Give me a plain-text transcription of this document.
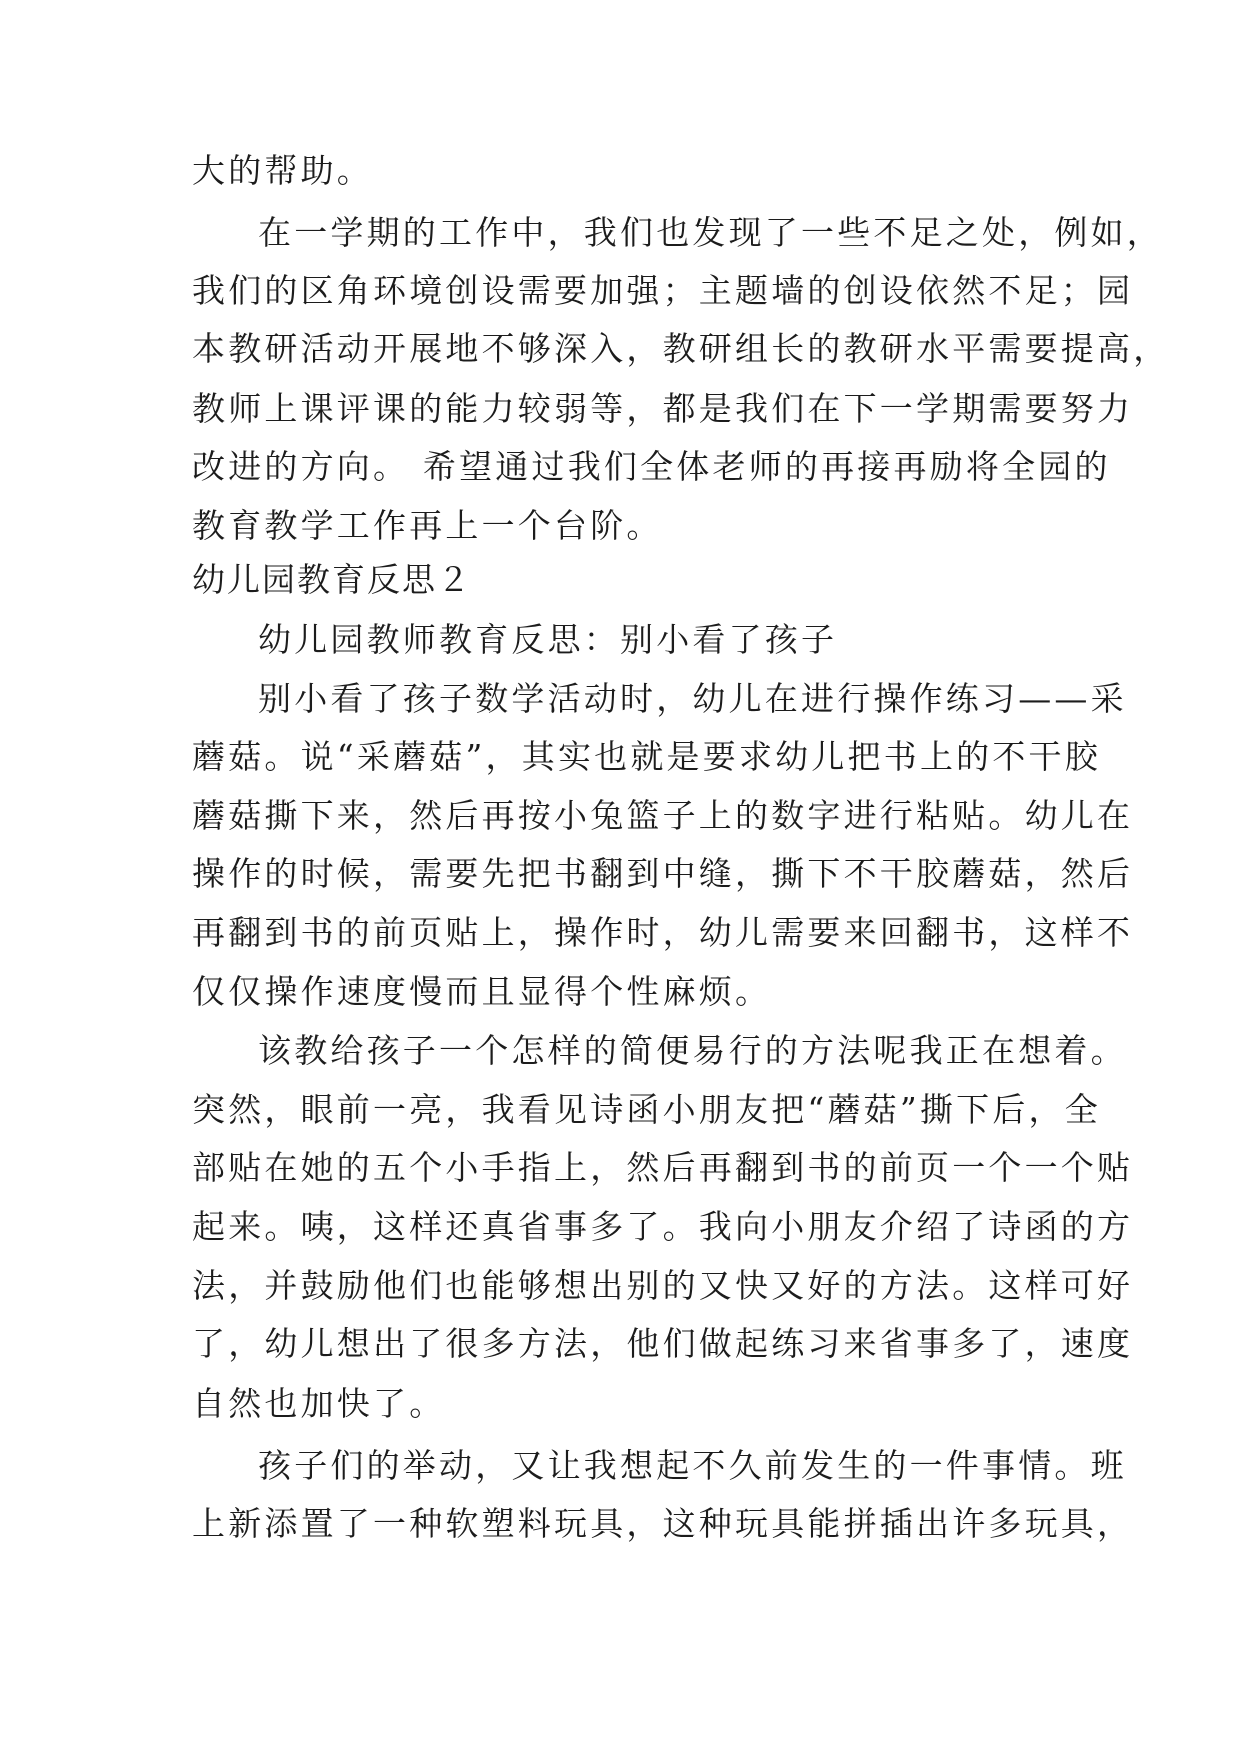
大的帮助。
在一学期的工作中，我们也发现了一些不足之处，例如，
我们的区角环境创设需要加强；主题墙的创设依然不足；园
本教研活动开展地不够深入，教研组长的教研水平需要提高，
教师上课评课的能力较弱等，都是我们在下一学期需要努力
改进的方向。 希望通过我们全体老师的再接再励将全园的
教育教学工作再上一个台阶。
幼儿园教育反思２
幼儿园教师教育反思：别小看了孩子
别小看了孩子数学活动时，幼儿在进行操作练习——采
蘑菇。说“采蘑菇”，其实也就是要求幼儿把书上的不干胶
蘑菇撕下来，然后再按小兔篮子上的数字进行粘贴。幼儿在
操作的时候，需要先把书翻到中缝，撕下不干胶蘑菇，然后
再翻到书的前页贴上，操作时，幼儿需要来回翻书，这样不
仅仅操作速度慢而且显得个性麻烦。
该教给孩子一个怎样的简便易行的方法呢我正在想着。
突然，眼前一亮，我看见诗函小朋友把“蘑菇”撕下后，全
部贴在她的五个小手指上，然后再翻到书的前页一个一个贴
起来。咦，这样还真省事多了。我向小朋友介绍了诗函的方
法，并鼓励他们也能够想出别的又快又好的方法。这样可好
了，幼儿想出了很多方法，他们做起练习来省事多了，速度
自然也加快了。
孩子们的举动，又让我想起不久前发生的一件事情。班
上新添置了一种软塑料玩具，这种玩具能拼插出许多玩具，
